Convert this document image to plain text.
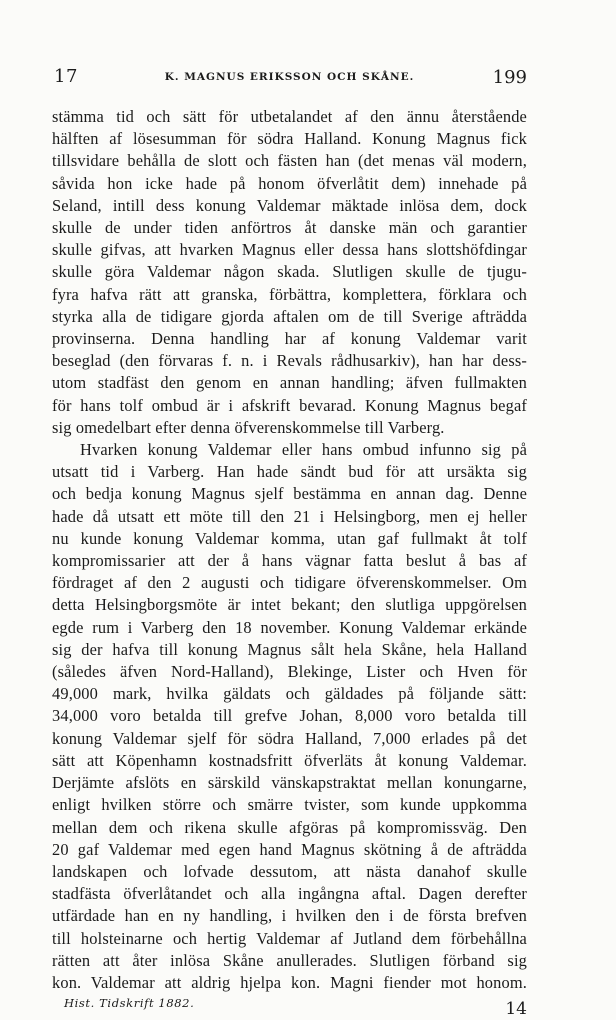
17	K. MAGNUS ERIKSSON OCH SKÅNE.	199
stämma tid och sätt för utbetalandet af den ännu återstående
hälften af lösesumman för södra Halland. Konung Magnus fick
tillsvidare behålla de slott och fästen han (det menas väl modern,
såvida hon icke hade på honom öfverlåtit dem) innehade på
Seland, intill dess konung Valdemar mäktade inlösa dem, dock
skulle de under tiden anförtros åt danske män och garantier
skulle gifvas, att hvarken Magnus eller dessa hans slottshöfdingar
skulle göra Valdemar någon skada. Slutligen skulle de tjugu-
fyra hafva rätt att granska, förbättra, komplettera, förklara och
styrka alla de tidigare gjorda aftalen om de till Sverige afträdda
provinserna. Denna handling har af konung Valdemar varit
beseglad (den förvaras f. n. i Revals rådhusarkiv), han har dess-
utom stadfäst den genom en annan handling; äfven fullmakten
för hans tolf ombud är i afskrift bevarad. Konung Magnus begaf
sig omedelbart efter denna öfverenskommelse till Varberg.
Hvarken konung Valdemar eller hans ombud infunno sig på
utsatt tid i Varberg. Han hade sändt bud för att ursäkta sig
och bedja konung Magnus sjelf bestämma en annan dag. Denne
hade då utsatt ett möte till den 21 i Helsingborg, men ej heller
nu kunde konung Valdemar komma, utan gaf fullmakt åt tolf
kompromissarier att der å hans vägnar fatta beslut å bas af
fördraget af den 2 augusti och tidigare öfverenskommelser. Om
detta Helsingborgsmöte är intet bekant; den slutliga uppgörelsen
egde rum i Varberg den 18 november. Konung Valdemar erkände
sig der hafva till konung Magnus sålt hela Skåne, hela Halland
(således äfven Nord-Halland), Blekinge, Lister och Hven för
49,000 mark, hvilka gäldats och gäldades på följande sätt:
34,000 voro betalda till grefve Johan, 8,000 voro betalda till
konung Valdemar sjelf för södra Halland, 7,000 erlades på det
sätt att Köpenhamn kostnadsfritt öfverläts åt konung Valdemar.
Derjämte afslöts en särskild vänskapstraktat mellan konungarne,
enligt hvilken större och smärre tvister, som kunde uppkomma
mellan dem och rikena skulle afgöras på kompromissväg. Den
20 gaf Valdemar med egen hand Magnus skötning å de afträdda
landskapen och lofvade dessutom, att nästa danahof skulle
stadfästa öfverlåtandet och alla ingångna aftal. Dagen derefter
utfärdade han en ny handling, i hvilken den i de första brefven
till holsteinarne och hertig Valdemar af Jutland dem förbehållna
rätten att åter inlösa Skåne anullerades. Slutligen förband sig
kon. Valdemar att aldrig hjelpa kon. Magni fiender mot honom.
Hist. Tidskrift 1882.	14
